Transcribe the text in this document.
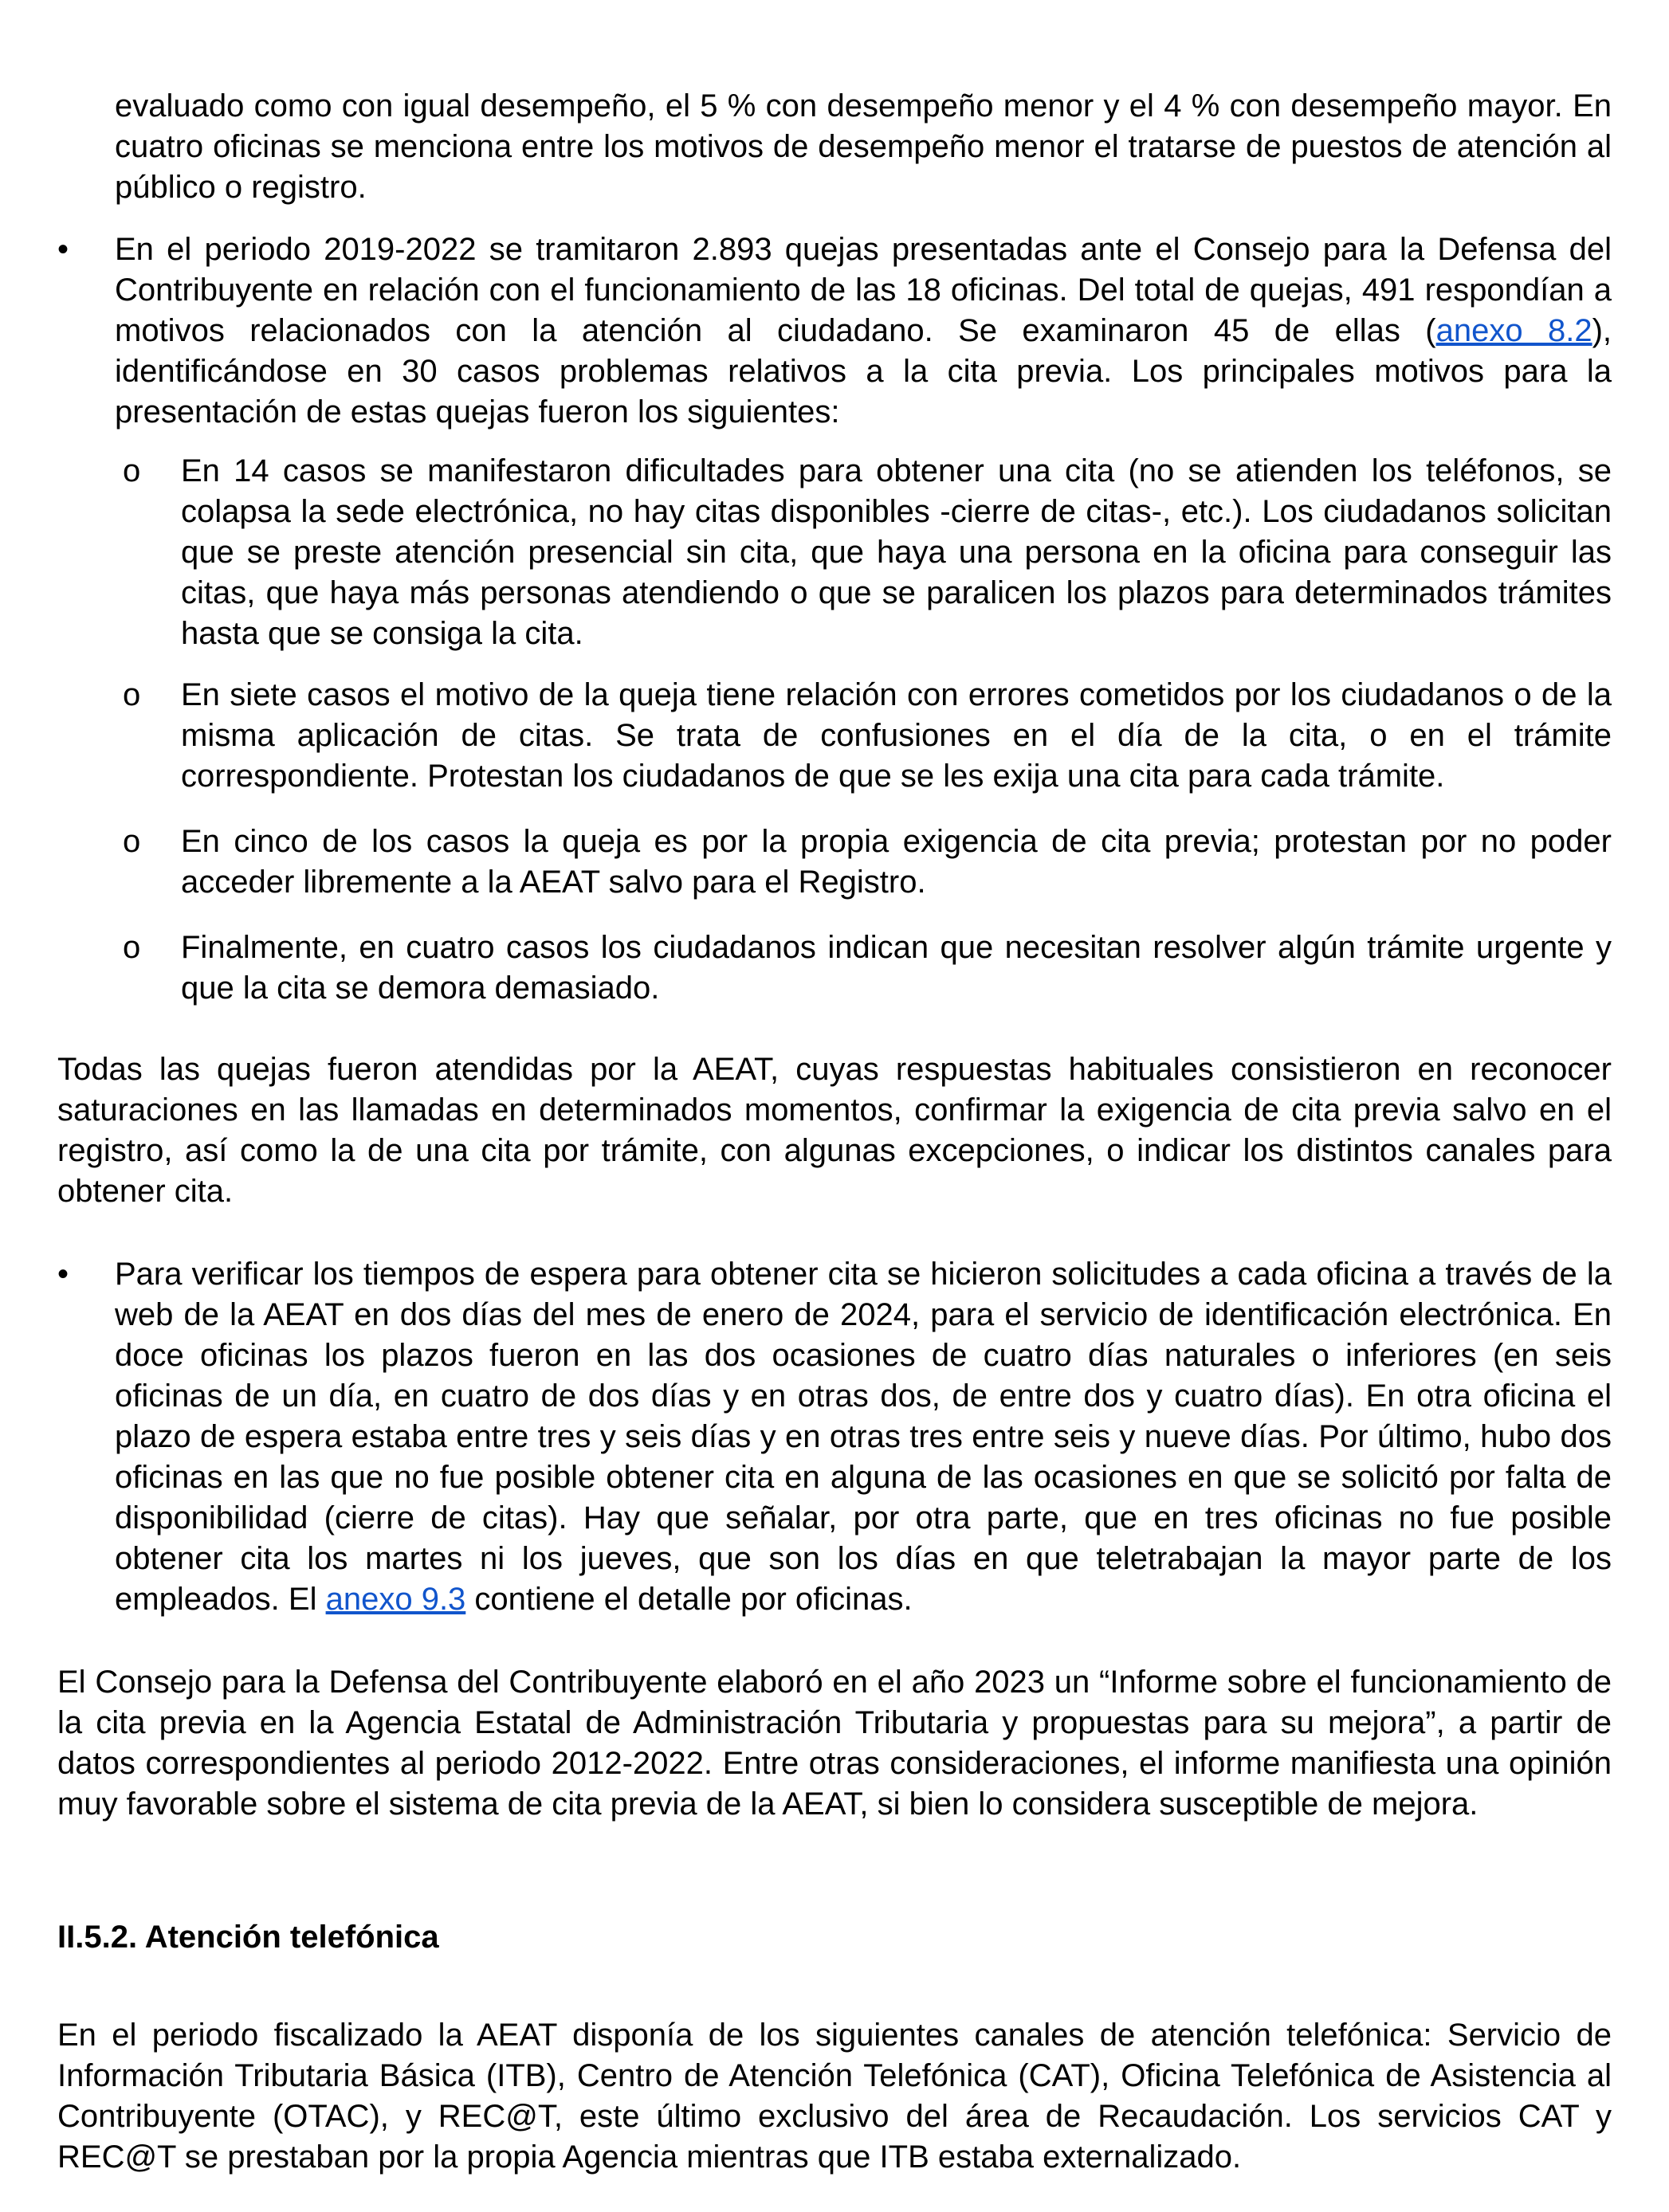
evaluado como con igual desempeño, el 5 % con desempeño menor y el 4 % con desempeño mayor. En cuatro oficinas se menciona entre los motivos de desempeño menor el tratarse de puestos de atención al público o registro.

• En el periodo 2019-2022 se tramitaron 2.893 quejas presentadas ante el Consejo para la Defensa del Contribuyente en relación con el funcionamiento de las 18 oficinas. Del total de quejas, 491 respondían a motivos relacionados con la atención al ciudadano. Se examinaron 45 de ellas (anexo 8.2), identificándose en 30 casos problemas relativos a la cita previa. Los principales motivos para la presentación de estas quejas fueron los siguientes:

o En 14 casos se manifestaron dificultades para obtener una cita (no se atienden los teléfonos, se colapsa la sede electrónica, no hay citas disponibles -cierre de citas-, etc.). Los ciudadanos solicitan que se preste atención presencial sin cita, que haya una persona en la oficina para conseguir las citas, que haya más personas atendiendo o que se paralicen los plazos para determinados trámites hasta que se consiga la cita.

o En siete casos el motivo de la queja tiene relación con errores cometidos por los ciudadanos o de la misma aplicación de citas. Se trata de confusiones en el día de la cita, o en el trámite correspondiente. Protestan los ciudadanos de que se les exija una cita para cada trámite.

o En cinco de los casos la queja es por la propia exigencia de cita previa; protestan por no poder acceder libremente a la AEAT salvo para el Registro.

o Finalmente, en cuatro casos los ciudadanos indican que necesitan resolver algún trámite urgente y que la cita se demora demasiado.

Todas las quejas fueron atendidas por la AEAT, cuyas respuestas habituales consistieron en reconocer saturaciones en las llamadas en determinados momentos, confirmar la exigencia de cita previa salvo en el registro, así como la de una cita por trámite, con algunas excepciones, o indicar los distintos canales para obtener cita.

• Para verificar los tiempos de espera para obtener cita se hicieron solicitudes a cada oficina a través de la web de la AEAT en dos días del mes de enero de 2024, para el servicio de identificación electrónica. En doce oficinas los plazos fueron en las dos ocasiones de cuatro días naturales o inferiores (en seis oficinas de un día, en cuatro de dos días y en otras dos, de entre dos y cuatro días). En otra oficina el plazo de espera estaba entre tres y seis días y en otras tres entre seis y nueve días. Por último, hubo dos oficinas en las que no fue posible obtener cita en alguna de las ocasiones en que se solicitó por falta de disponibilidad (cierre de citas). Hay que señalar, por otra parte, que en tres oficinas no fue posible obtener cita los martes ni los jueves, que son los días en que teletrabajan la mayor parte de los empleados. El anexo 9.3 contiene el detalle por oficinas.

El Consejo para la Defensa del Contribuyente elaboró en el año 2023 un “Informe sobre el funcionamiento de la cita previa en la Agencia Estatal de Administración Tributaria y propuestas para su mejora”, a partir de datos correspondientes al periodo 2012-2022. Entre otras consideraciones, el informe manifiesta una opinión muy favorable sobre el sistema de cita previa de la AEAT, si bien lo considera susceptible de mejora.

II.5.2. Atención telefónica

En el periodo fiscalizado la AEAT disponía de los siguientes canales de atención telefónica: Servicio de Información Tributaria Básica (ITB), Centro de Atención Telefónica (CAT), Oficina Telefónica de Asistencia al Contribuyente (OTAC), y REC@T, este último exclusivo del área de Recaudación. Los servicios CAT y REC@T se prestaban por la propia Agencia mientras que ITB estaba externalizado.
